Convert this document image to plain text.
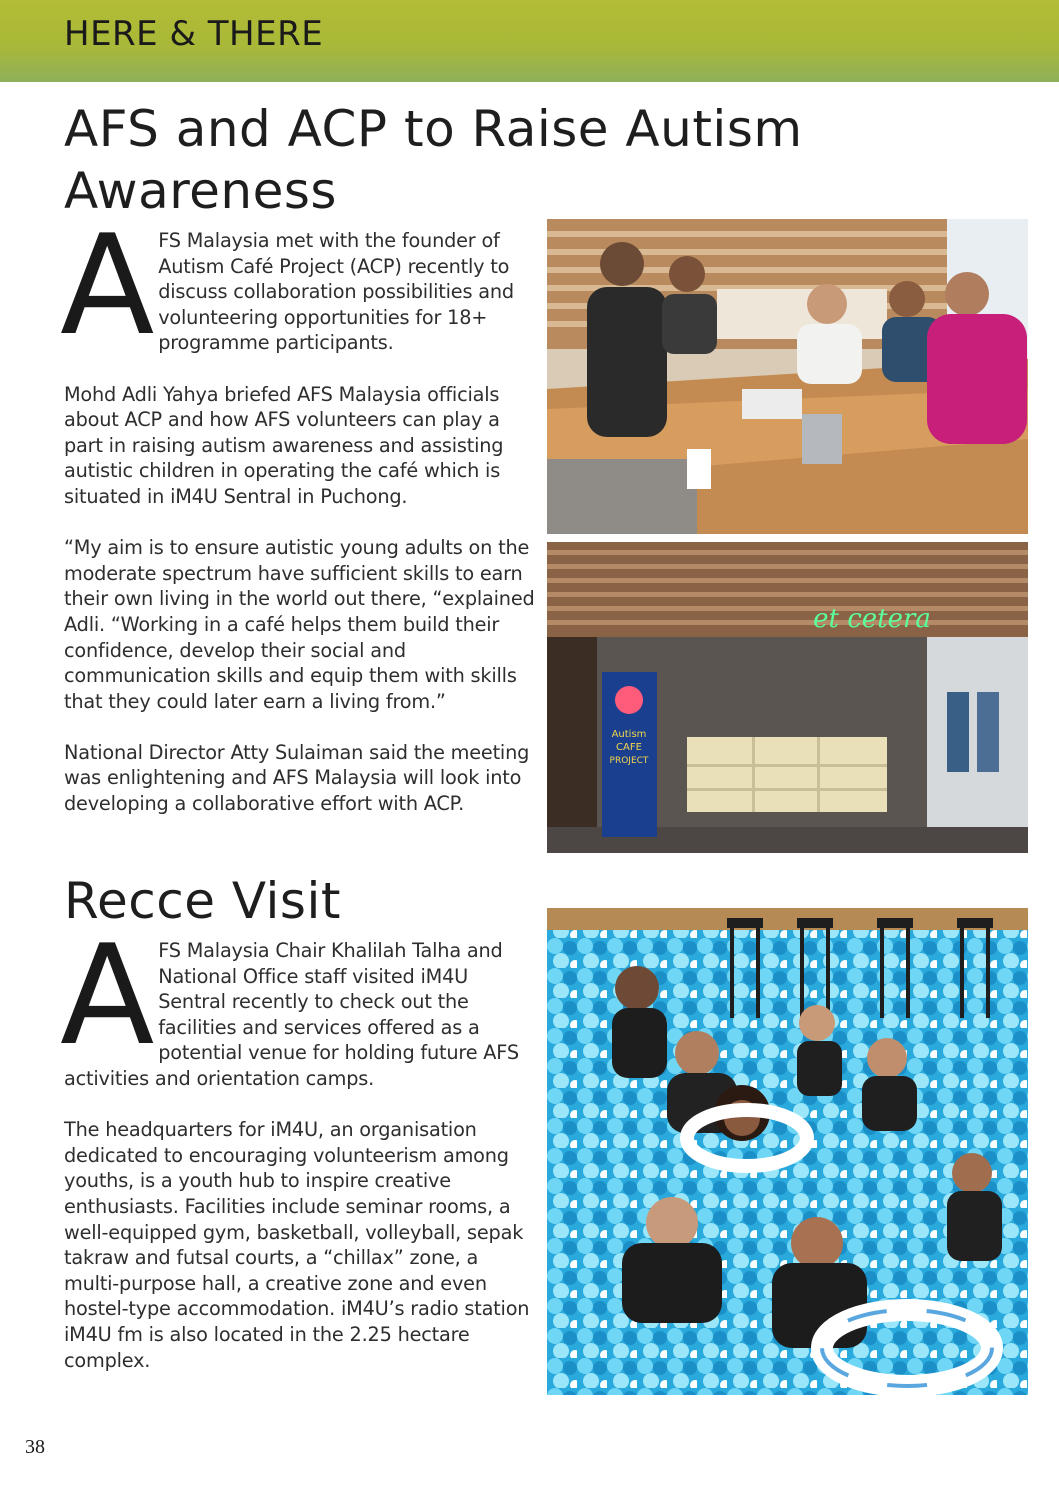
HERE & THERE
AFS and ACP to Raise Autism Awareness

AFS Malaysia met with the founder of Autism Café Project (ACP) recently to discuss collaboration possibilities and volunteering opportunities for 18+ programme participants.

Mohd Adli Yahya briefed AFS Malaysia officials about ACP and how AFS volunteers can play a part in raising autism awareness and assisting autistic children in operating the café which is situated in iM4U Sentral in Puchong.

“My aim is to ensure autistic young adults on the moderate spectrum have sufficient skills to earn their own living in the world out there, “explained Adli. “Working in a café helps them build their confidence, develop their social and communication skills and equip them with skills that they could later earn a living from.”

National Director Atty Sulaiman said the meeting was enlightening and AFS Malaysia will look into developing a collaborative effort with ACP.

Autism
CAFE
PROJECT
et cetera
Recce Visit

AFS Malaysia Chair Khalilah Talha and National Office staff visited iM4U Sentral recently to check out the facilities and services offered as a potential venue for holding future AFS activities and orientation camps.

The headquarters for iM4U, an organisation dedicated to encouraging volunteerism among youths, is a youth hub to inspire creative enthusiasts. Facilities include seminar rooms, a well-equipped gym, basketball, volleyball, sepak takraw and futsal courts, a “chillax” zone, a multi-purpose hall, a creative zone and even hostel-type accommodation. iM4U’s radio station iM4U fm is also located in the 2.25 hectare complex.

38
